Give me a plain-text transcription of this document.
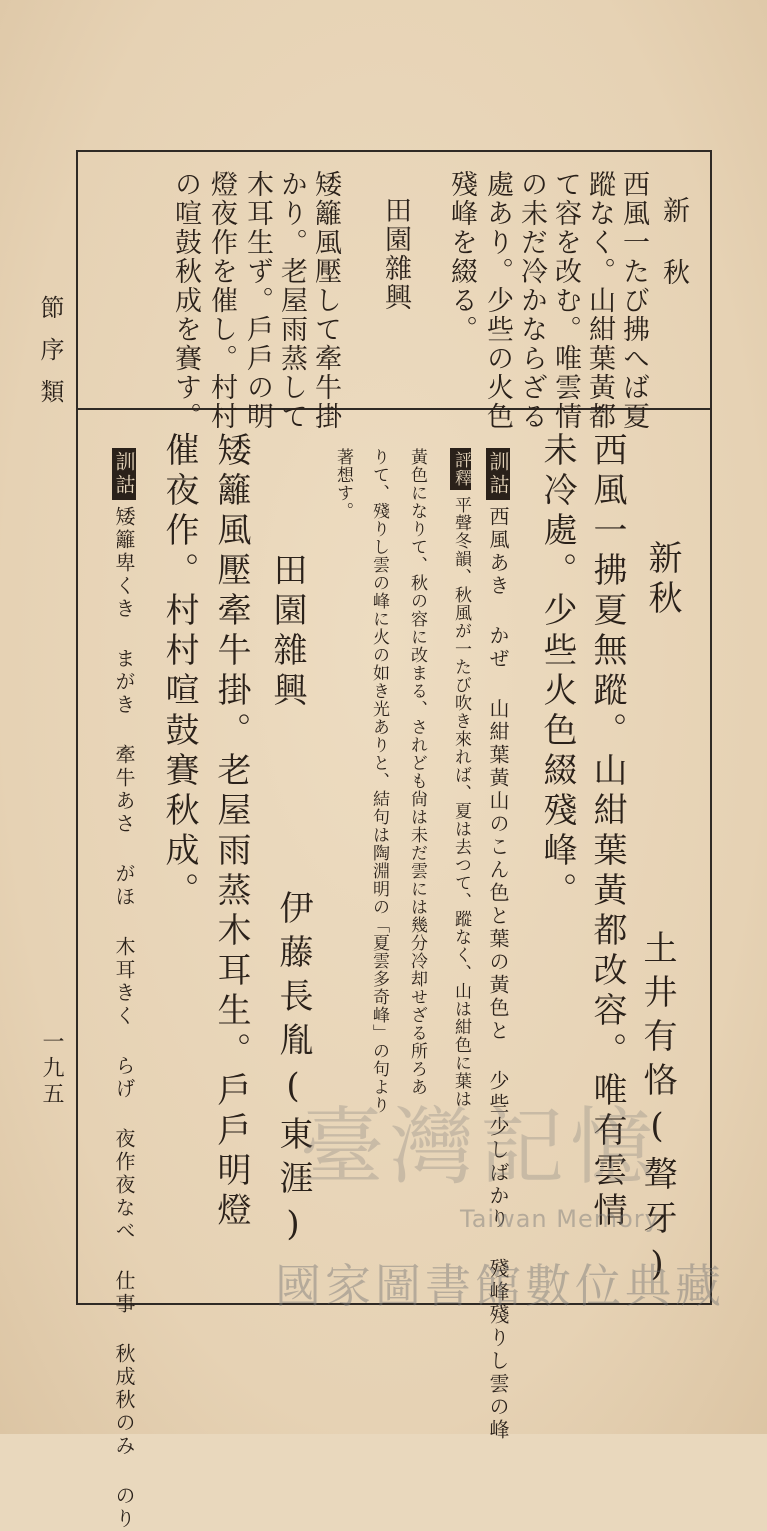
新 秋
西風一たび拂へば夏
蹤なく。山紺葉黃都
て容を改む。唯雲情
の未だ冷かならざる
處あり。少些の火色
殘峰を綴る。
田園雜興
矮籬風壓して牽牛掛
かり。老屋雨蒸して
木耳生ず。戶戶の明
燈夜作を催し。村村
の喧鼓秋成を賽す。
新秋
土井有恪(聱牙)
西風一拂夏無蹤。山紺葉黃都改容。唯有雲情
未冷處。少些火色綴殘峰。
訓詁西風あき かぜ 山紺葉黃山のこん色と葉の黃色と 少些少しばかり 殘峰殘りし雲の峰
評釋平聲冬韻、秋風が一たび吹き來れば、夏は去つて、蹤なく、山は紺色に葉は
黃色になりて、秋の容に改まる、されども尙は未だ雲には幾分冷却せざる所ろあ
りて、殘りし雲の峰に火の如き光ありと、結句は陶淵明の「夏雲多奇峰」の句より
著想す。
田園雜興
伊藤長胤(東涯)
矮籬風壓牽牛掛。老屋雨蒸木耳生。戶戶明燈
催夜作。村村喧鼓賽秋成。
訓詁矮籬卑くき まがき 牽牛あさ がほ 木耳きく らげ 夜作夜なべ 仕事 秋成秋のみ のり
節序類
一九五
臺灣記憶
Taiwan Memory
國家圖書館數位典藏
